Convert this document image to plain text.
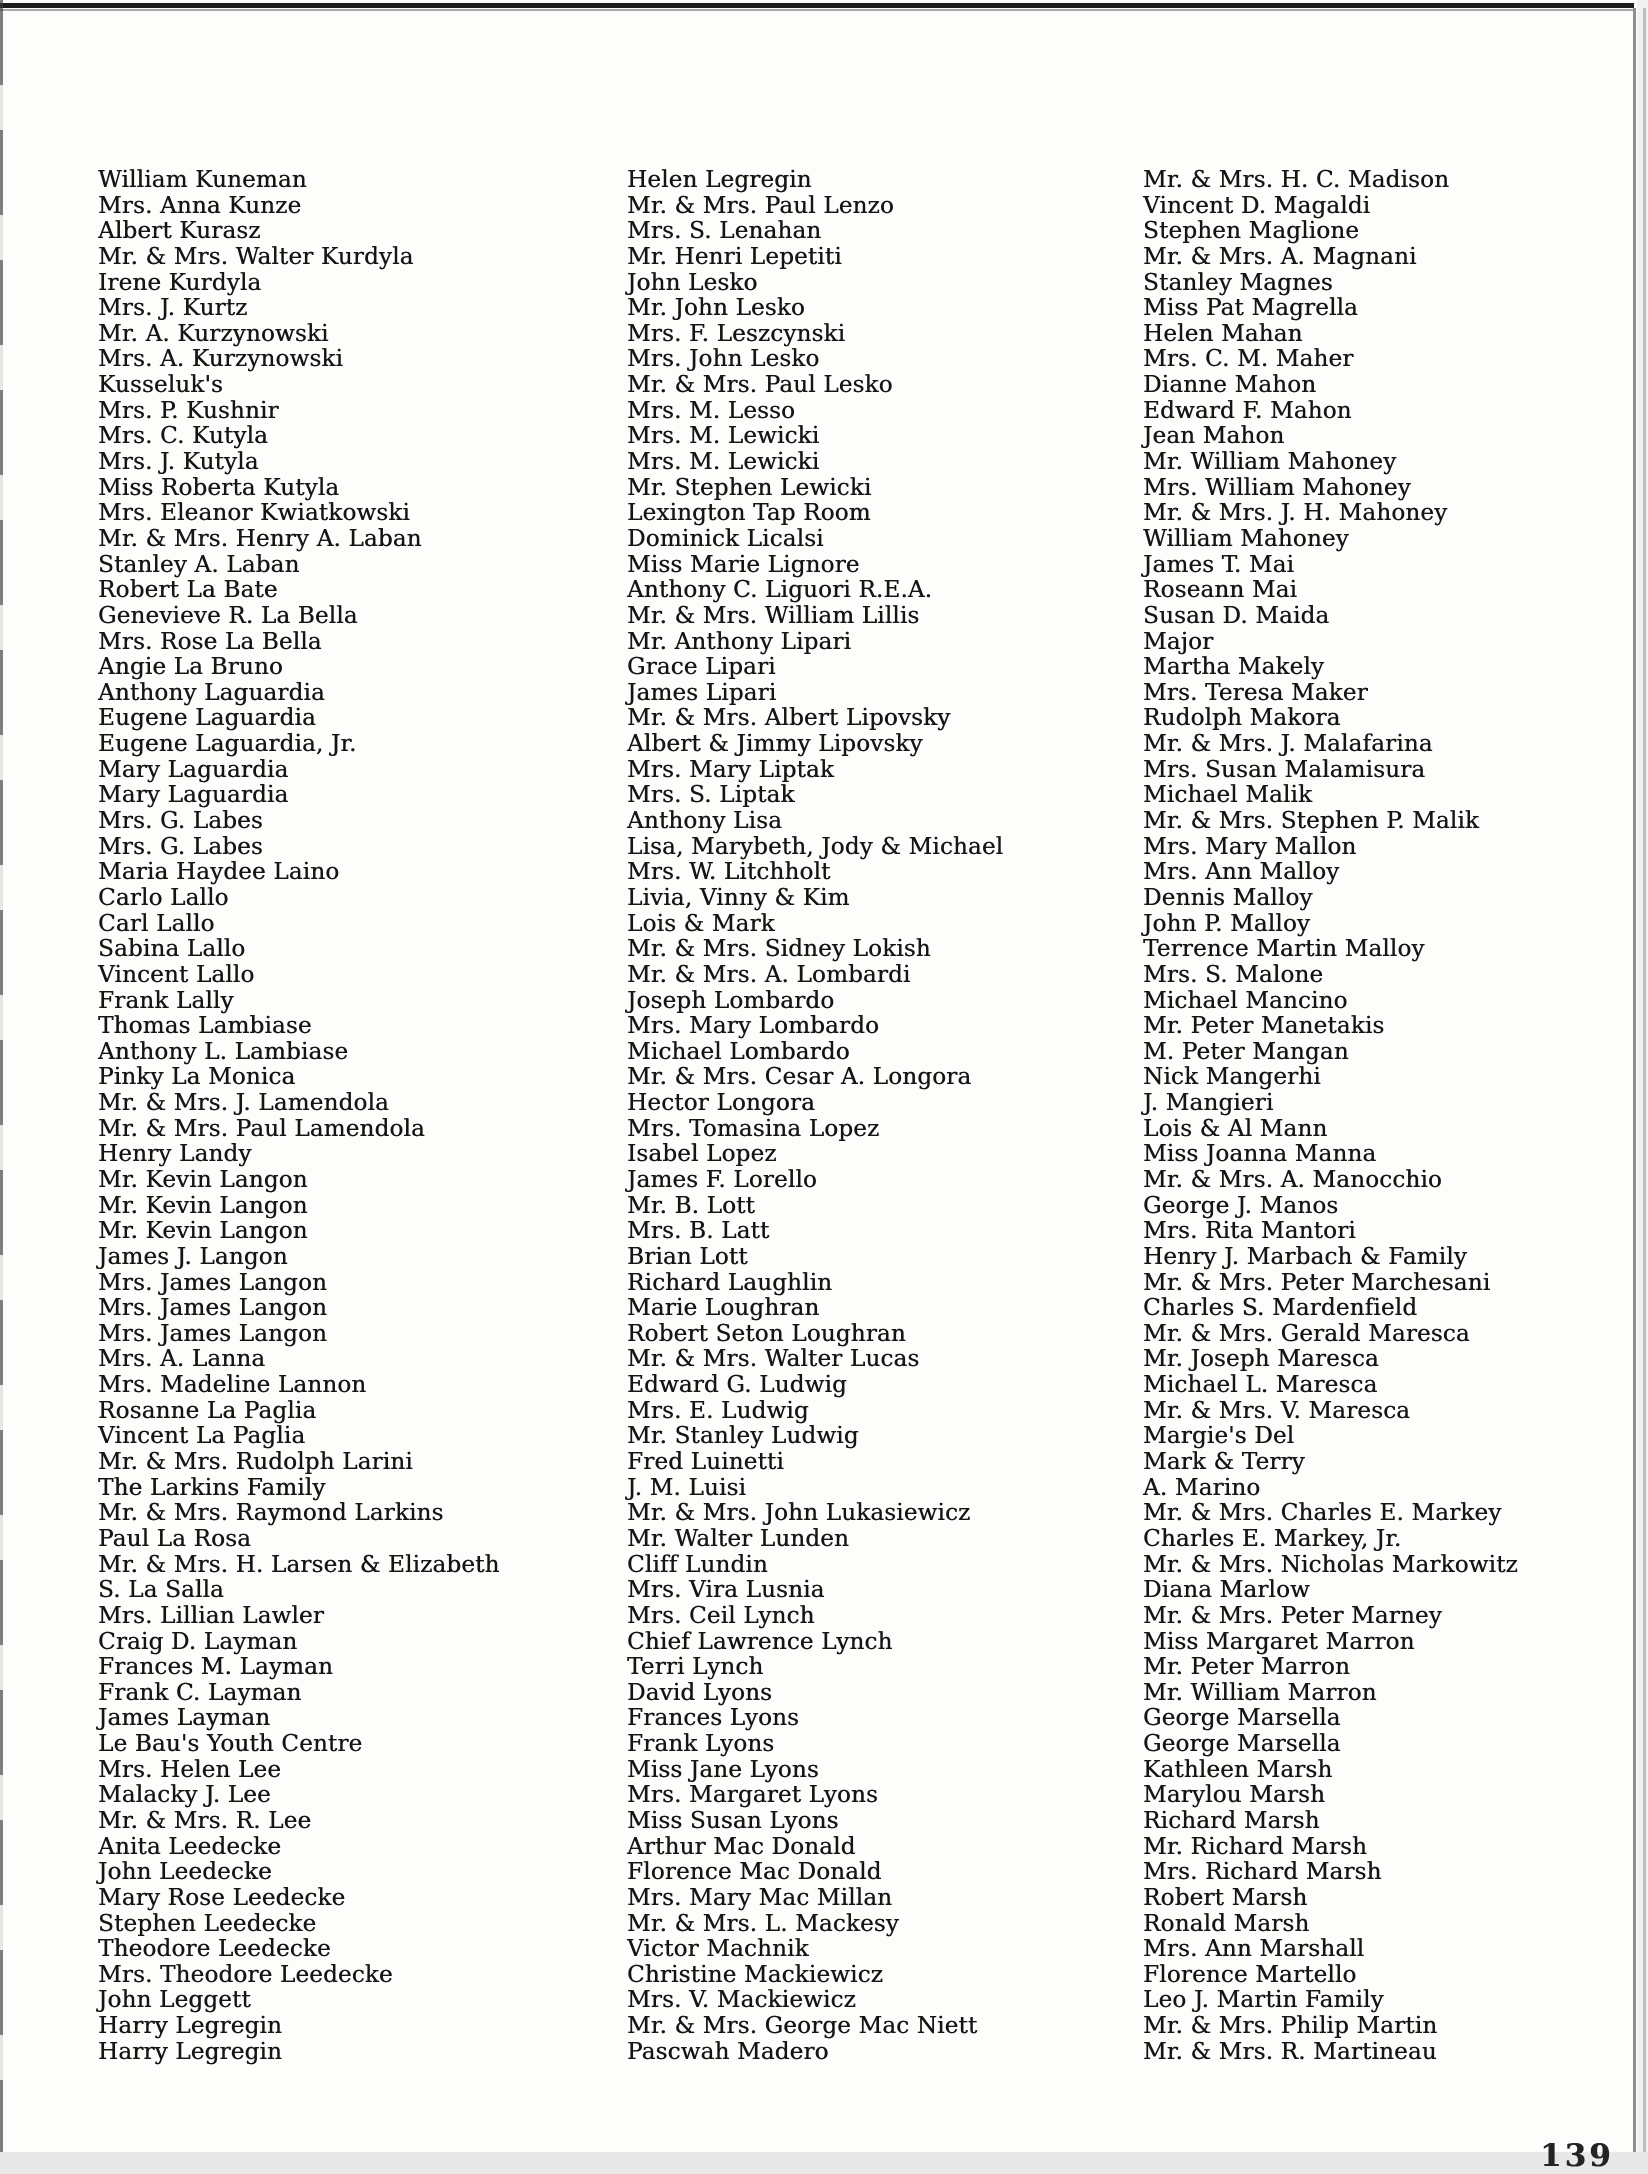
William Kuneman
Mrs. Anna Kunze
Albert Kurasz
Mr. & Mrs. Walter Kurdyla
Irene Kurdyla
Mrs. J. Kurtz
Mr. A. Kurzynowski
Mrs. A. Kurzynowski
Kusseluk's
Mrs. P. Kushnir
Mrs. C. Kutyla
Mrs. J. Kutyla
Miss Roberta Kutyla
Mrs. Eleanor Kwiatkowski
Mr. & Mrs. Henry A. Laban
Stanley A. Laban
Robert La Bate
Genevieve R. La Bella
Mrs. Rose La Bella
Angie La Bruno
Anthony Laguardia
Eugene Laguardia
Eugene Laguardia, Jr.
Mary Laguardia
Mary Laguardia
Mrs. G. Labes
Mrs. G. Labes
Maria Haydee Laino
Carlo Lallo
Carl Lallo
Sabina Lallo
Vincent Lallo
Frank Lally
Thomas Lambiase
Anthony L. Lambiase
Pinky La Monica
Mr. & Mrs. J. Lamendola
Mr. & Mrs. Paul Lamendola
Henry Landy
Mr. Kevin Langon
Mr. Kevin Langon
Mr. Kevin Langon
James J. Langon
Mrs. James Langon
Mrs. James Langon
Mrs. James Langon
Mrs. A. Lanna
Mrs. Madeline Lannon
Rosanne La Paglia
Vincent La Paglia
Mr. & Mrs. Rudolph Larini
The Larkins Family
Mr. & Mrs. Raymond Larkins
Paul La Rosa
Mr. & Mrs. H. Larsen & Elizabeth
S. La Salla
Mrs. Lillian Lawler
Craig D. Layman
Frances M. Layman
Frank C. Layman
James Layman
Le Bau's Youth Centre
Mrs. Helen Lee
Malacky J. Lee
Mr. & Mrs. R. Lee
Anita Leedecke
John Leedecke
Mary Rose Leedecke
Stephen Leedecke
Theodore Leedecke
Mrs. Theodore Leedecke
John Leggett
Harry Legregin
Harry Legregin
Helen Legregin
Mr. & Mrs. Paul Lenzo
Mrs. S. Lenahan
Mr. Henri Lepetiti
John Lesko
Mr. John Lesko
Mrs. F. Leszcynski
Mrs. John Lesko
Mr. & Mrs. Paul Lesko
Mrs. M. Lesso
Mrs. M. Lewicki
Mrs. M. Lewicki
Mr. Stephen Lewicki
Lexington Tap Room
Dominick Licalsi
Miss Marie Lignore
Anthony C. Liguori R.E.A.
Mr. & Mrs. William Lillis
Mr. Anthony Lipari
Grace Lipari
James Lipari
Mr. & Mrs. Albert Lipovsky
Albert & Jimmy Lipovsky
Mrs. Mary Liptak
Mrs. S. Liptak
Anthony Lisa
Lisa, Marybeth, Jody & Michael
Mrs. W. Litchholt
Livia, Vinny & Kim
Lois & Mark
Mr. & Mrs. Sidney Lokish
Mr. & Mrs. A. Lombardi
Joseph Lombardo
Mrs. Mary Lombardo
Michael Lombardo
Mr. & Mrs. Cesar A. Longora
Hector Longora
Mrs. Tomasina Lopez
Isabel Lopez
James F. Lorello
Mr. B. Lott
Mrs. B. Latt
Brian Lott
Richard Laughlin
Marie Loughran
Robert Seton Loughran
Mr. & Mrs. Walter Lucas
Edward G. Ludwig
Mrs. E. Ludwig
Mr. Stanley Ludwig
Fred Luinetti
J. M. Luisi
Mr. & Mrs. John Lukasiewicz
Mr. Walter Lunden
Cliff Lundin
Mrs. Vira Lusnia
Mrs. Ceil Lynch
Chief Lawrence Lynch
Terri Lynch
David Lyons
Frances Lyons
Frank Lyons
Miss Jane Lyons
Mrs. Margaret Lyons
Miss Susan Lyons
Arthur Mac Donald
Florence Mac Donald
Mrs. Mary Mac Millan
Mr. & Mrs. L. Mackesy
Victor Machnik
Christine Mackiewicz
Mrs. V. Mackiewicz
Mr. & Mrs. George Mac Niett
Pascwah Madero
Mr. & Mrs. H. C. Madison
Vincent D. Magaldi
Stephen Maglione
Mr. & Mrs. A. Magnani
Stanley Magnes
Miss Pat Magrella
Helen Mahan
Mrs. C. M. Maher
Dianne Mahon
Edward F. Mahon
Jean Mahon
Mr. William Mahoney
Mrs. William Mahoney
Mr. & Mrs. J. H. Mahoney
William Mahoney
James T. Mai
Roseann Mai
Susan D. Maida
Major
Martha Makely
Mrs. Teresa Maker
Rudolph Makora
Mr. & Mrs. J. Malafarina
Mrs. Susan Malamisura
Michael Malik
Mr. & Mrs. Stephen P. Malik
Mrs. Mary Mallon
Mrs. Ann Malloy
Dennis Malloy
John P. Malloy
Terrence Martin Malloy
Mrs. S. Malone
Michael Mancino
Mr. Peter Manetakis
M. Peter Mangan
Nick Mangerhi
J. Mangieri
Lois & Al Mann
Miss Joanna Manna
Mr. & Mrs. A. Manocchio
George J. Manos
Mrs. Rita Mantori
Henry J. Marbach & Family
Mr. & Mrs. Peter Marchesani
Charles S. Mardenfield
Mr. & Mrs. Gerald Maresca
Mr. Joseph Maresca
Michael L. Maresca
Mr. & Mrs. V. Maresca
Margie's Del
Mark & Terry
A. Marino
Mr. & Mrs. Charles E. Markey
Charles E. Markey, Jr.
Mr. & Mrs. Nicholas Markowitz
Diana Marlow
Mr. & Mrs. Peter Marney
Miss Margaret Marron
Mr. Peter Marron
Mr. William Marron
George Marsella
George Marsella
Kathleen Marsh
Marylou Marsh
Richard Marsh
Mr. Richard Marsh
Mrs. Richard Marsh
Robert Marsh
Ronald Marsh
Mrs. Ann Marshall
Florence Martello
Leo J. Martin Family
Mr. & Mrs. Philip Martin
Mr. & Mrs. R. Martineau
139
